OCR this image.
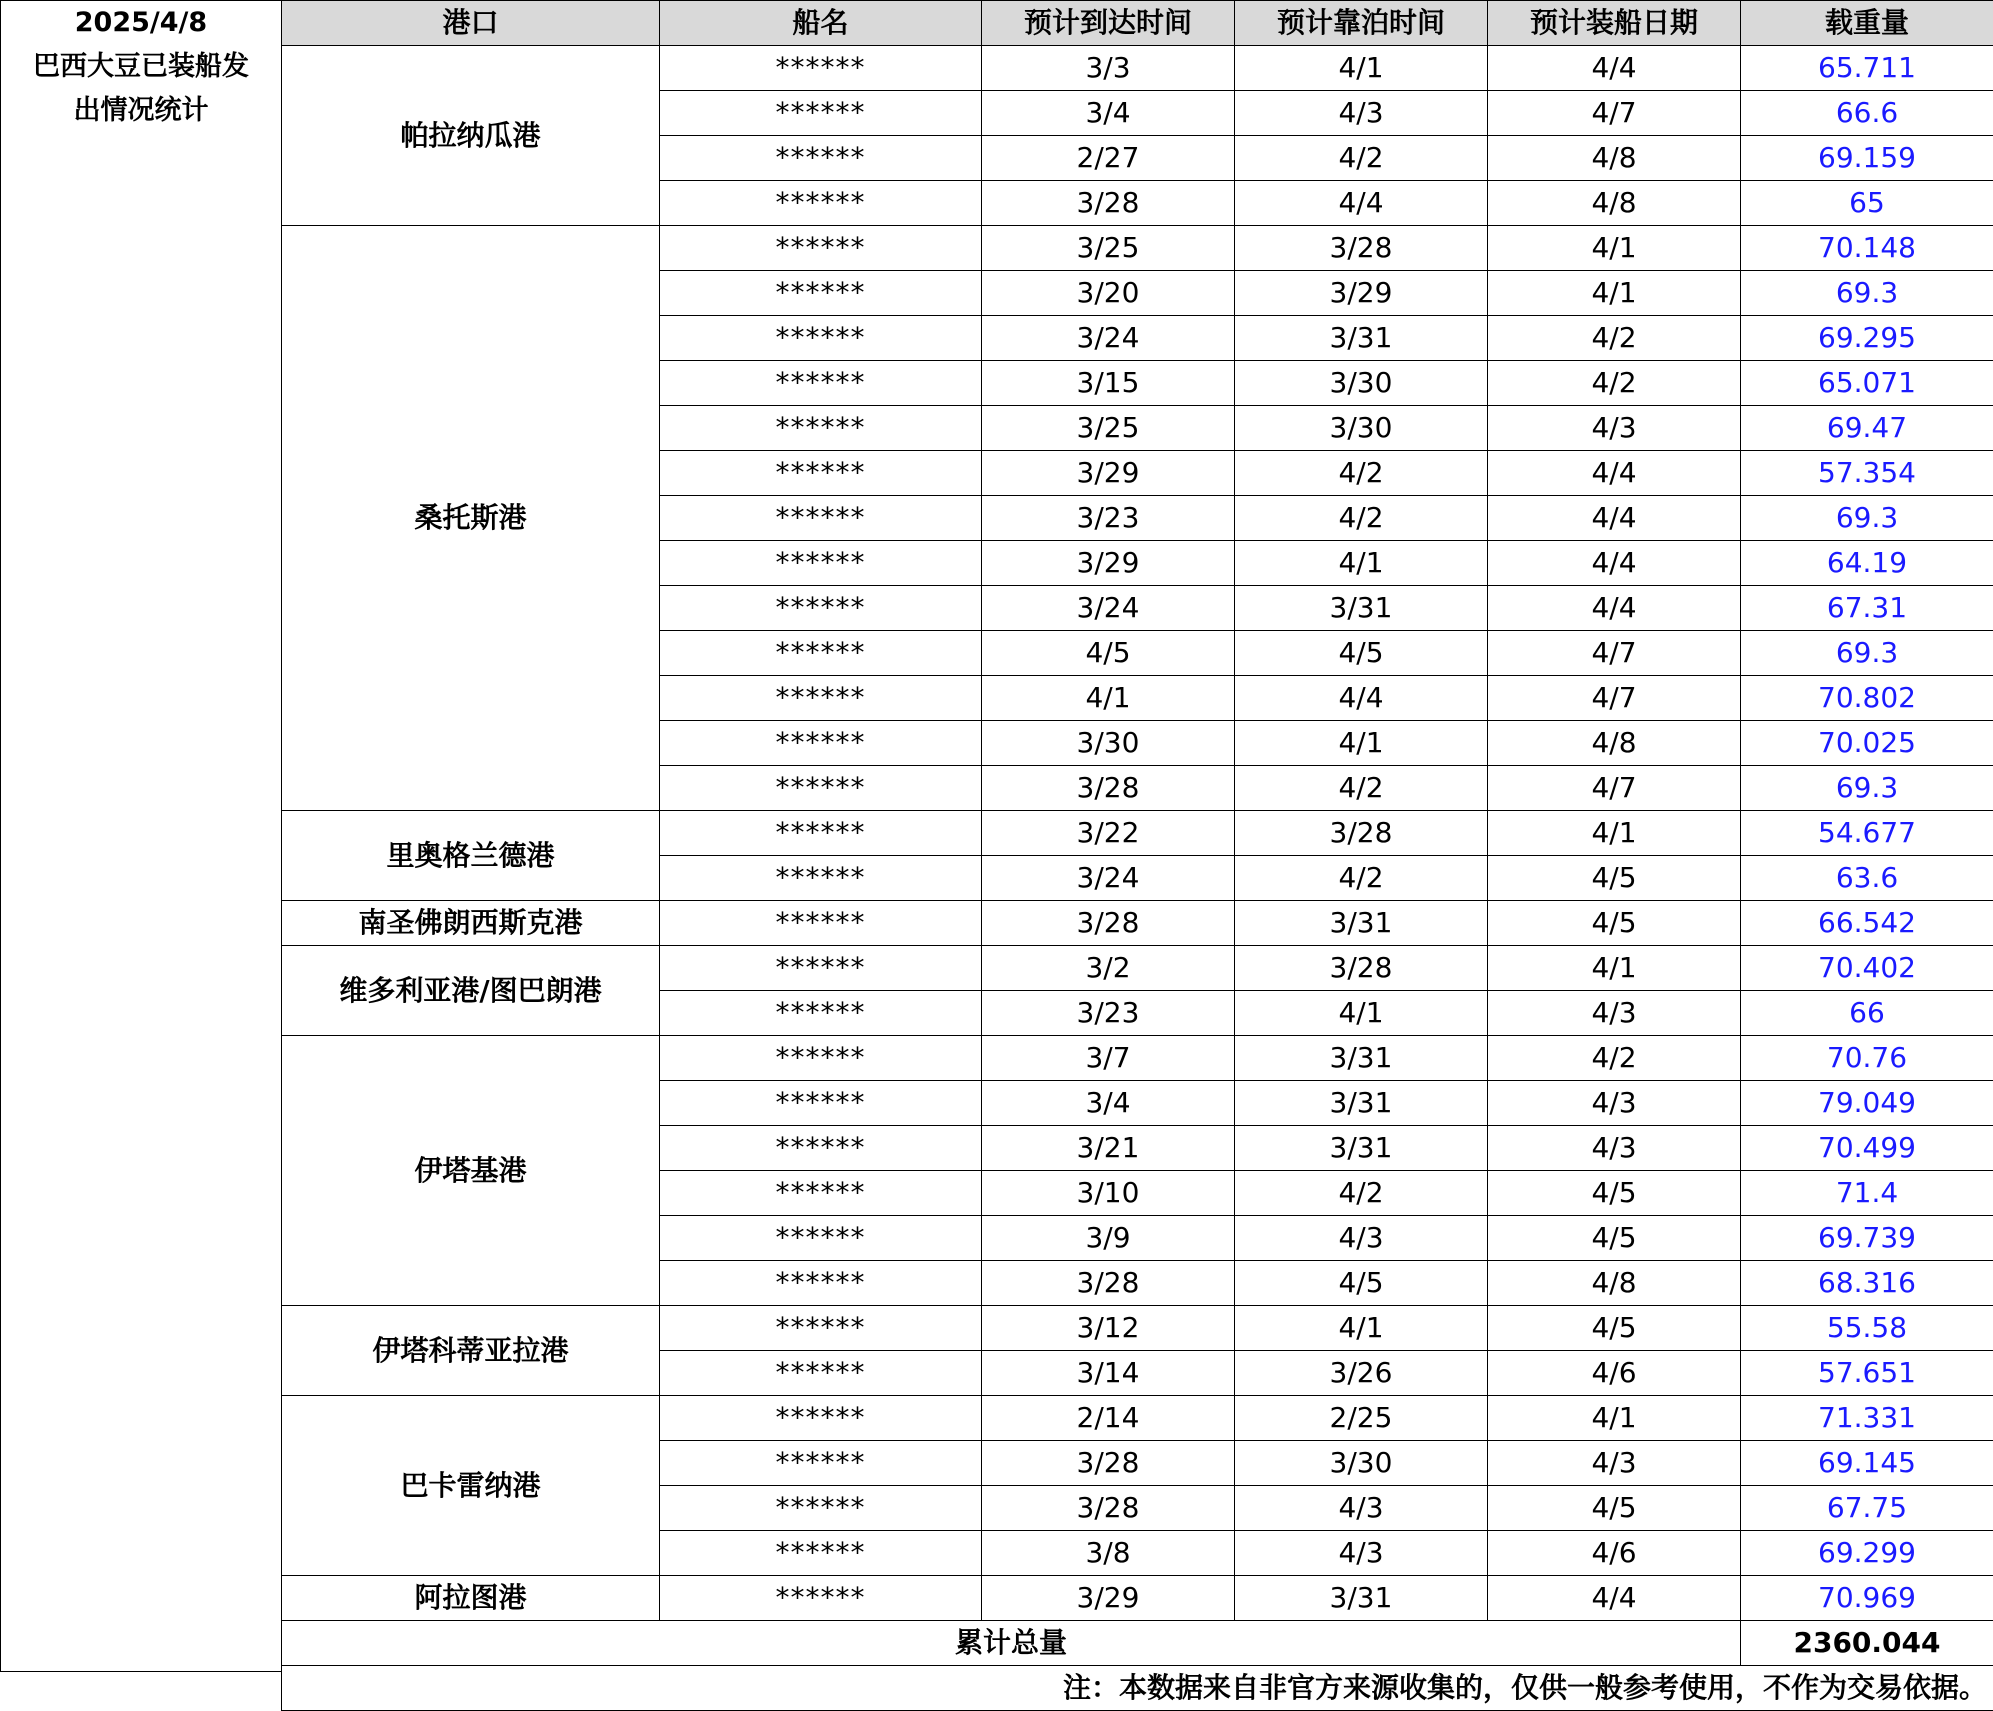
2025/4/8
巴西大豆已装船发
出情况统计
港口	船名	预计到达时间	预计靠泊时间	预计装船日期	载重量
帕拉纳瓜港	******	3/3	4/1	4/4	65.711
	******	3/4	4/3	4/7	66.6
	******	2/27	4/2	4/8	69.159
	******	3/28	4/4	4/8	65
桑托斯港	******	3/25	3/28	4/1	70.148
	******	3/20	3/29	4/1	69.3
	******	3/24	3/31	4/2	69.295
	******	3/15	3/30	4/2	65.071
	******	3/25	3/30	4/3	69.47
	******	3/29	4/2	4/4	57.354
	******	3/23	4/2	4/4	69.3
	******	3/29	4/1	4/4	64.19
	******	3/24	3/31	4/4	67.31
	******	4/5	4/5	4/7	69.3
	******	4/1	4/4	4/7	70.802
	******	3/30	4/1	4/8	70.025
	******	3/28	4/2	4/7	69.3
里奥格兰德港	******	3/22	3/28	4/1	54.677
	******	3/24	4/2	4/5	63.6
南圣佛朗西斯克港	******	3/28	3/31	4/5	66.542
维多利亚港/图巴朗港	******	3/2	3/28	4/1	70.402
	******	3/23	4/1	4/3	66
伊塔基港	******	3/7	3/31	4/2	70.76
	******	3/4	3/31	4/3	79.049
	******	3/21	3/31	4/3	70.499
	******	3/10	4/2	4/5	71.4
	******	3/9	4/3	4/5	69.739
	******	3/28	4/5	4/8	68.316
伊塔科蒂亚拉港	******	3/12	4/1	4/5	55.58
	******	3/14	3/26	4/6	57.651
巴卡雷纳港	******	2/14	2/25	4/1	71.331
	******	3/28	3/30	4/3	69.145
	******	3/28	4/3	4/5	67.75
	******	3/8	4/3	4/6	69.299
阿拉图港	******	3/29	3/31	4/4	70.969
累计总量					2360.044
注：本数据来自非官方来源收集的，仅供一般参考使用，不作为交易依据。					
